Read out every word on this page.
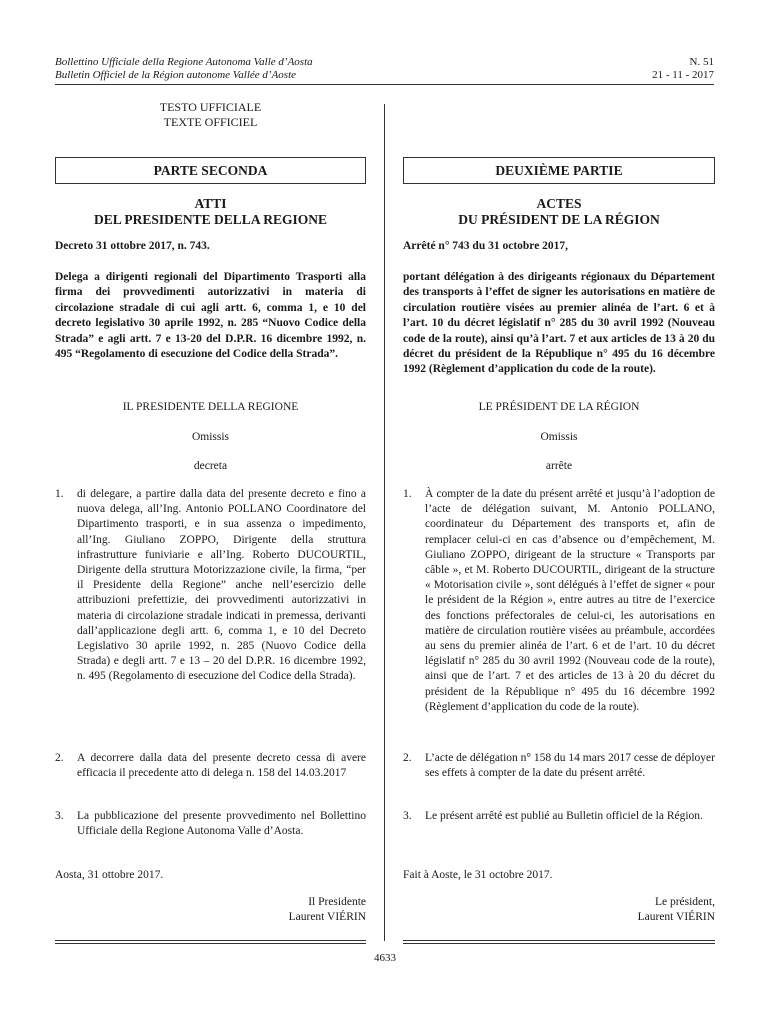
Bollettino Ufficiale della Regione Autonoma Valle d’Aosta
Bulletin Officiel de la Région autonome Vallée d’Aoste
N. 51
21 - 11 - 2017
TESTO UFFICIALE
TEXTE OFFICIEL
PARTE SECONDA
ATTI
DEL PRESIDENTE DELLA REGIONE
Decreto 31 ottobre 2017, n. 743.
Delega a dirigenti regionali del Dipartimento Trasporti alla firma dei provvedimenti autorizzativi in materia di circolazione stradale di cui agli artt. 6, comma 1, e 10 del decreto legislativo 30 aprile 1992, n. 285 “Nuovo Codice della Strada” e agli artt. 7 e 13-20 del D.P.R. 16 dicembre 1992, n. 495 “Regolamento di esecuzione del Codice della Strada”.
IL PRESIDENTE DELLA REGIONE
Omissis
decreta
1. di delegare, a partire dalla data del presente decreto e fino a nuova delega, all’Ing. Antonio POLLANO Coordinatore del Dipartimento trasporti, e in sua assenza o impedimento, all’Ing. Giuliano ZOPPO, Dirigente della struttura infrastrutture funiviarie e all’Ing. Roberto DUCOURTIL, Dirigente della struttura Motorizzazione civile, la firma, “per il Presidente della Regione” anche nell’esercizio delle attribuzioni prefettizie, dei provvedimenti autorizzativi in materia di circolazione stradale indicati in premessa, derivanti dall’applicazione degli artt. 6, comma 1, e 10 del Decreto Legislativo 30 aprile 1992, n. 285 (Nuovo Codice della Strada) e degli artt. 7 e 13 – 20 del D.P.R. 16 dicembre 1992, n. 495 (Regolamento di esecuzione del Codice della Strada).
2. A decorrere dalla data del presente decreto cessa di avere efficacia il precedente atto di delega n. 158 del 14.03.2017
3. La pubblicazione del presente provvedimento nel Bollettino Ufficiale della Regione Autonoma Valle d’Aosta.
Aosta, 31 ottobre 2017.
Il Presidente
Laurent VIÉRIN
DEUXIÈME PARTIE
ACTES
DU PRÉSIDENT DE LA RÉGION
Arrêté n° 743 du 31 octobre 2017,
portant délégation à des dirigeants régionaux du Département des transports à l’effet de signer les autorisations en matière de circulation routière visées au premier alinéa de l’art. 6 et à l’art. 10 du décret législatif n° 285 du 30 avril 1992 (Nouveau code de la route), ainsi qu’à l’art. 7 et aux articles de 13 à 20 du décret du président de la République n° 495 du 16 décembre 1992 (Règlement d’application du code de la route).
LE PRÉSIDENT DE LA RÉGION
Omissis
arrête
1. À compter de la date du présent arrêté et jusqu’à l’adoption de l’acte de délégation suivant, M. Antonio POLLANO, coordinateur du Département des transports et, afin de remplacer celui-ci en cas d’absence ou d’empêchement, M. Giuliano ZOPPO, dirigeant de la structure « Transports par câble », et M. Roberto DUCOURTIL, dirigeant de la structure « Motorisation civile », sont délégués à l’effet de signer « pour le président de la Région », entre autres au titre de l’exercice des fonctions préfectorales de celui-ci, les autorisations en matière de circulation routière visées au préambule, accordées au sens du premier alinéa de l’art. 6 et de l’art. 10 du décret législatif n° 285 du 30 avril 1992 (Nouveau code de la route), ainsi que de l’art. 7 et des articles de 13 à 20 du décret du président de la République n° 495 du 16 décembre 1992 (Règlement d’application du code de la route).
2. L’acte de délégation n° 158 du 14 mars 2017 cesse de déployer ses effets à compter de la date du présent arrêté.
3. Le présent arrêté est publié au Bulletin officiel de la Région.
Fait à Aoste, le 31 octobre 2017.
Le président,
Laurent VIÉRIN
4633
